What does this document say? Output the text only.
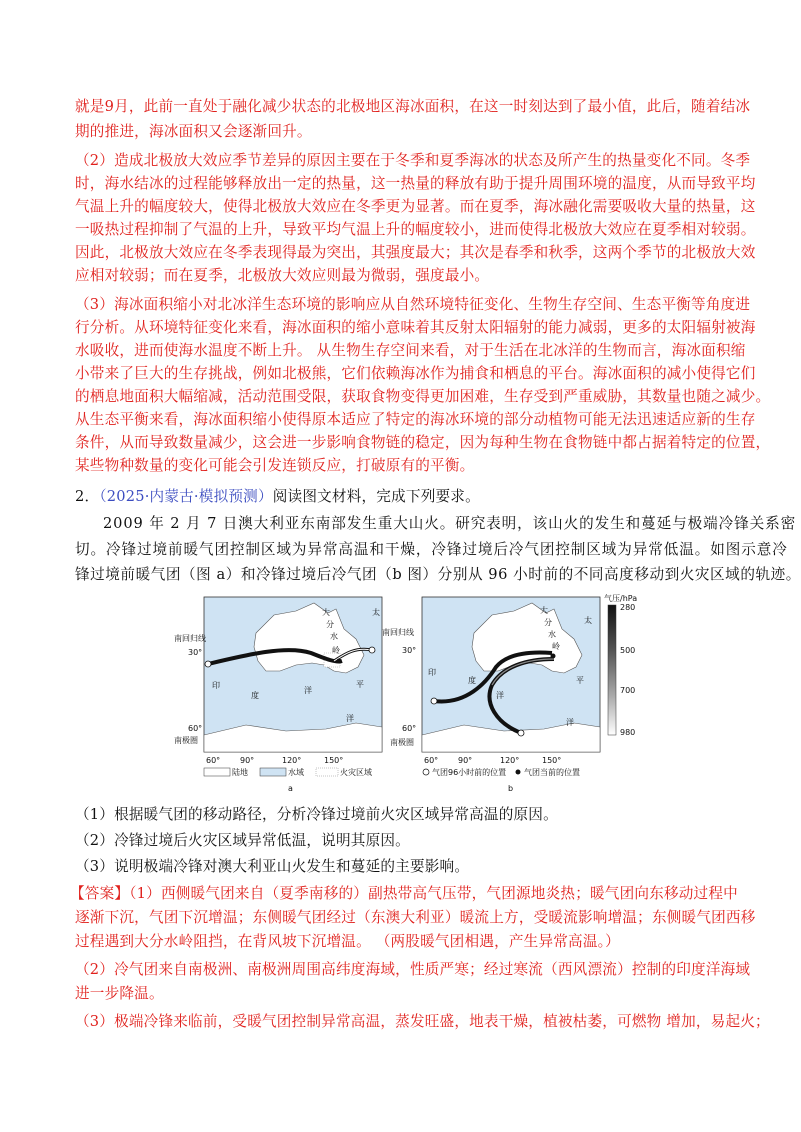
就是9月，此前一直处于融化减少状态的北极地区海冰面积，在这一时刻达到了最小值，此后，随着结冰
期的推进，海冰面积又会逐渐回升。
（2）造成北极放大效应季节差异的原因主要在于冬季和夏季海冰的状态及所产生的热量变化不同。冬季
时，海水结冰的过程能够释放出一定的热量，这一热量的释放有助于提升周围环境的温度，从而导致平均
气温上升的幅度较大，使得北极放大效应在冬季更为显著。而在夏季，海冰融化需要吸收大量的热量，这
一吸热过程抑制了气温的上升，导致平均气温上升的幅度较小，进而使得北极放大效应在夏季相对较弱。
因此，北极放大效应在冬季表现得最为突出，其强度最大；其次是春季和秋季，这两个季节的北极放大效
应相对较弱；而在夏季，北极放大效应则最为微弱，强度最小。
（3）海冰面积缩小对北冰洋生态环境的影响应从自然环境特征变化、生物生存空间、生态平衡等角度进
行分析。从环境特征变化来看，海冰面积的缩小意味着其反射太阳辐射的能力减弱，更多的太阳辐射被海
水吸收，进而使海水温度不断上升。 从生物生存空间来看，对于生活在北冰洋的生物而言，海冰面积缩
小带来了巨大的生存挑战，例如北极熊，它们依赖海冰作为捕食和栖息的平台。海冰面积的减小使得它们
的栖息地面积大幅缩减，活动范围受限，获取食物变得更加困难，生存受到严重威胁，其数量也随之减少。
从生态平衡来看，海冰面积缩小使得原本适应了特定的海冰环境的部分动植物可能无法迅速适应新的生存
条件，从而导致数量减少，这会进一步影响食物链的稳定，因为每种生物在食物链中都占据着特定的位置，
某些物种数量的变化可能会引发连锁反应，打破原有的平衡。
2．（2025·内蒙古·模拟预测）阅读图文材料，完成下列要求。
2009 年 2 月 7 日澳大利亚东南部发生重大山火。研究表明，该山火的发生和蔓延与极端冷锋关系密
切。冷锋过境前暖气团控制区域为异常高温和干燥，冷锋过境后冷气团控制区域为异常低温。如图示意冷
锋过境前暖气团（图 a）和冷锋过境后冷气团（b 图）分别从 96 小时前的不同高度移动到火灾区域的轨迹。
南回归线
30°
60°
南极圈
印
度
洋
太
平
洋
大
分
水
岭
60° 90°	120°	150°
a
南回归线
30°
60°
南极圈
印
度
洋
太
平
洋
大
分
水
岭
60° 90°	120°	150°
b
气压/hPa
280
500
700
980
陆地	水域	火灾区域	气团96小时前的位置 气团当前的位置
（1）根据暖气团的移动路径，分析冷锋过境前火灾区域异常高温的原因。
（2）冷锋过境后火灾区域异常低温，说明其原因。
（3）说明极端冷锋对澳大利亚山火发生和蔓延的主要影响。
【答案】（1）西侧暖气团来自（夏季南移的）副热带高气压带，气团源地炎热；暖气团向东移动过程中
逐渐下沉，气团下沉增温；东侧暖气团经过（东澳大利亚）暖流上方，受暖流影响增温；东侧暖气团西移
过程遇到大分水岭阻挡，在背风坡下沉增温。 （两股暖气团相遇，产生异常高温。）
（2）冷气团来自南极洲、南极洲周围高纬度海域，性质严寒；经过寒流（西风漂流）控制的印度洋海域
进一步降温。
（3）极端冷锋来临前，受暖气团控制异常高温，蒸发旺盛，地表干燥，植被枯萎，可燃物 增加，易起火；
